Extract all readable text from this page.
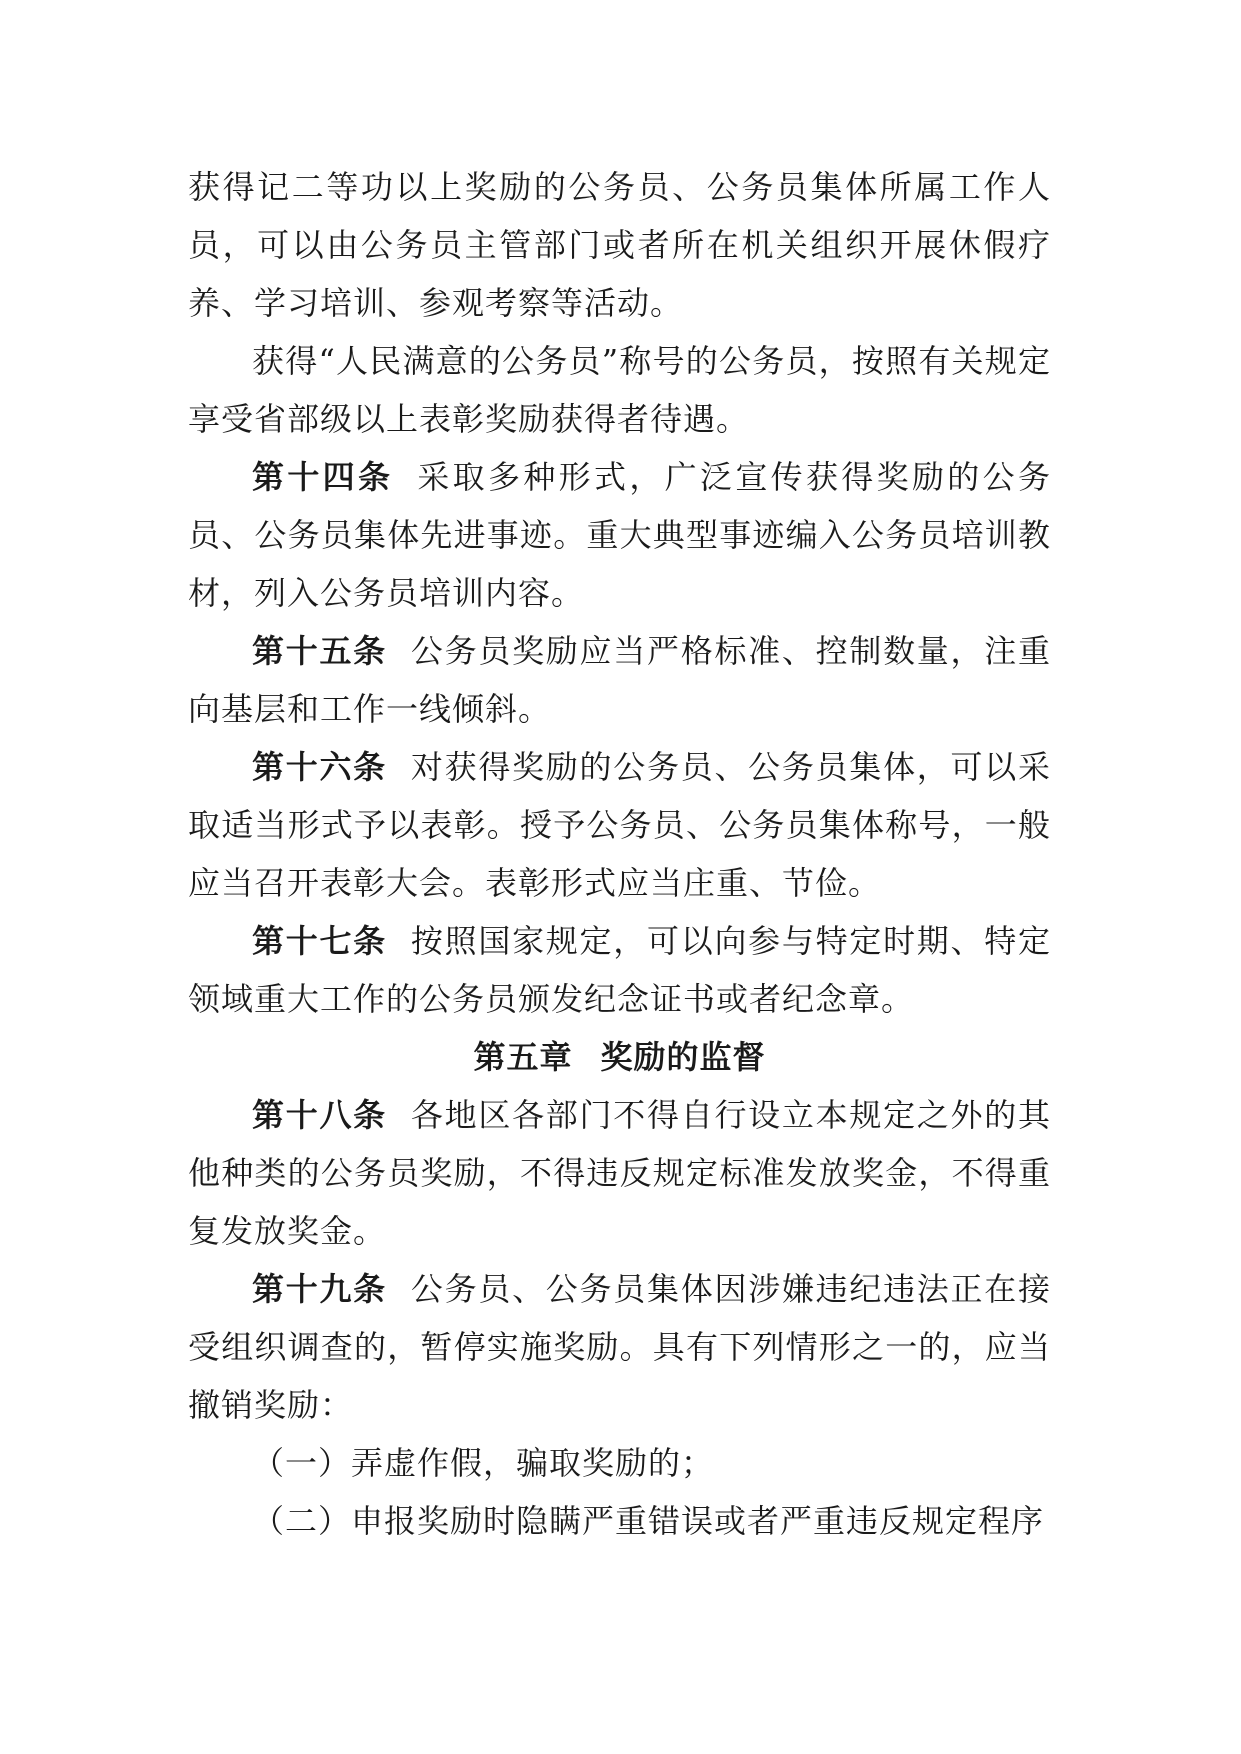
获得记二等功以上奖励的公务员、公务员集体所属工作人员，可以由公务员主管部门或者所在机关组织开展休假疗养、学习培训、参观考察等活动。

获得“人民满意的公务员”称号的公务员，按照有关规定享受省部级以上表彰奖励获得者待遇。

第十四条 采取多种形式，广泛宣传获得奖励的公务员、公务员集体先进事迹。重大典型事迹编入公务员培训教材，列入公务员培训内容。

第十五条 公务员奖励应当严格标准、控制数量，注重向基层和工作一线倾斜。

第十六条 对获得奖励的公务员、公务员集体，可以采取适当形式予以表彰。授予公务员、公务员集体称号，一般应当召开表彰大会。表彰形式应当庄重、节俭。

第十七条 按照国家规定，可以向参与特定时期、特定领域重大工作的公务员颁发纪念证书或者纪念章。

第五章 奖励的监督

第十八条 各地区各部门不得自行设立本规定之外的其他种类的公务员奖励，不得违反规定标准发放奖金，不得重复发放奖金。

第十九条 公务员、公务员集体因涉嫌违纪违法正在接受组织调查的，暂停实施奖励。具有下列情形之一的，应当撤销奖励：

（一）弄虚作假，骗取奖励的；

（二）申报奖励时隐瞒严重错误或者严重违反规定程序
